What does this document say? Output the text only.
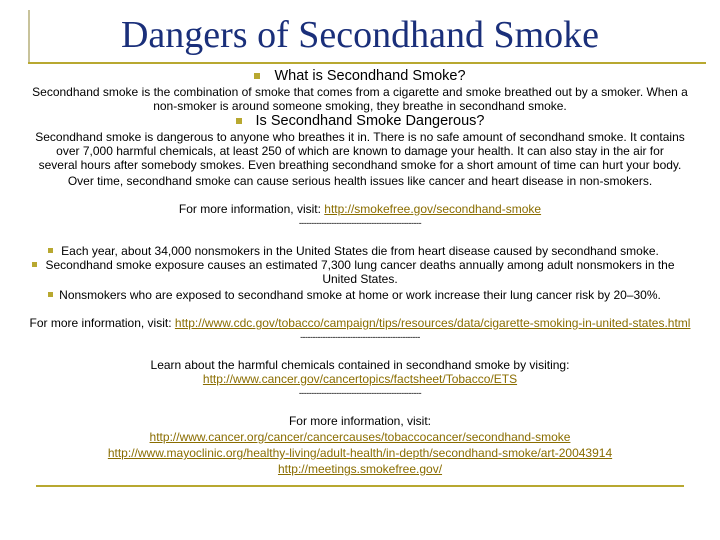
Dangers of Secondhand Smoke

What is Secondhand Smoke?

Secondhand smoke is the combination of smoke that comes from a cigarette and smoke breathed out by a smoker. When a

non-smoker is around someone smoking, they breathe in secondhand smoke.

Is Secondhand Smoke Dangerous?

Secondhand smoke is dangerous to anyone who breathes it in. There is no safe amount of secondhand smoke. It contains

over 7,000 harmful chemicals, at least 250 of which are known to damage your health. It can also stay in the air for

several hours after somebody smokes. Even breathing secondhand smoke for a short amount of time can hurt your body.

Over time, secondhand smoke can cause serious health issues like cancer and heart disease in non-smokers.

For more information, visit: http://smokefree.gov/secondhand-smoke

-------------------------------------------------

Each year, about 34,000 nonsmokers in the United States die from heart disease caused by secondhand smoke.

Secondhand smoke exposure causes an estimated 7,300 lung cancer deaths annually among adult nonsmokers in the

United States.

Nonsmokers who are exposed to secondhand smoke at home or work increase their lung cancer risk by 20–30%.

For more information, visit: http://www.cdc.gov/tobacco/campaign/tips/resources/data/cigarette-smoking-in-united-states.html

------------------------------------------------

Learn about the harmful chemicals contained in secondhand smoke by visiting:

http://www.cancer.gov/cancertopics/factsheet/Tobacco/ETS

-------------------------------------------------

For more information, visit:

http://www.cancer.org/cancer/cancercauses/tobaccocancer/secondhand-smoke

http://www.mayoclinic.org/healthy-living/adult-health/in-depth/secondhand-smoke/art-20043914

http://meetings.smokefree.gov/
